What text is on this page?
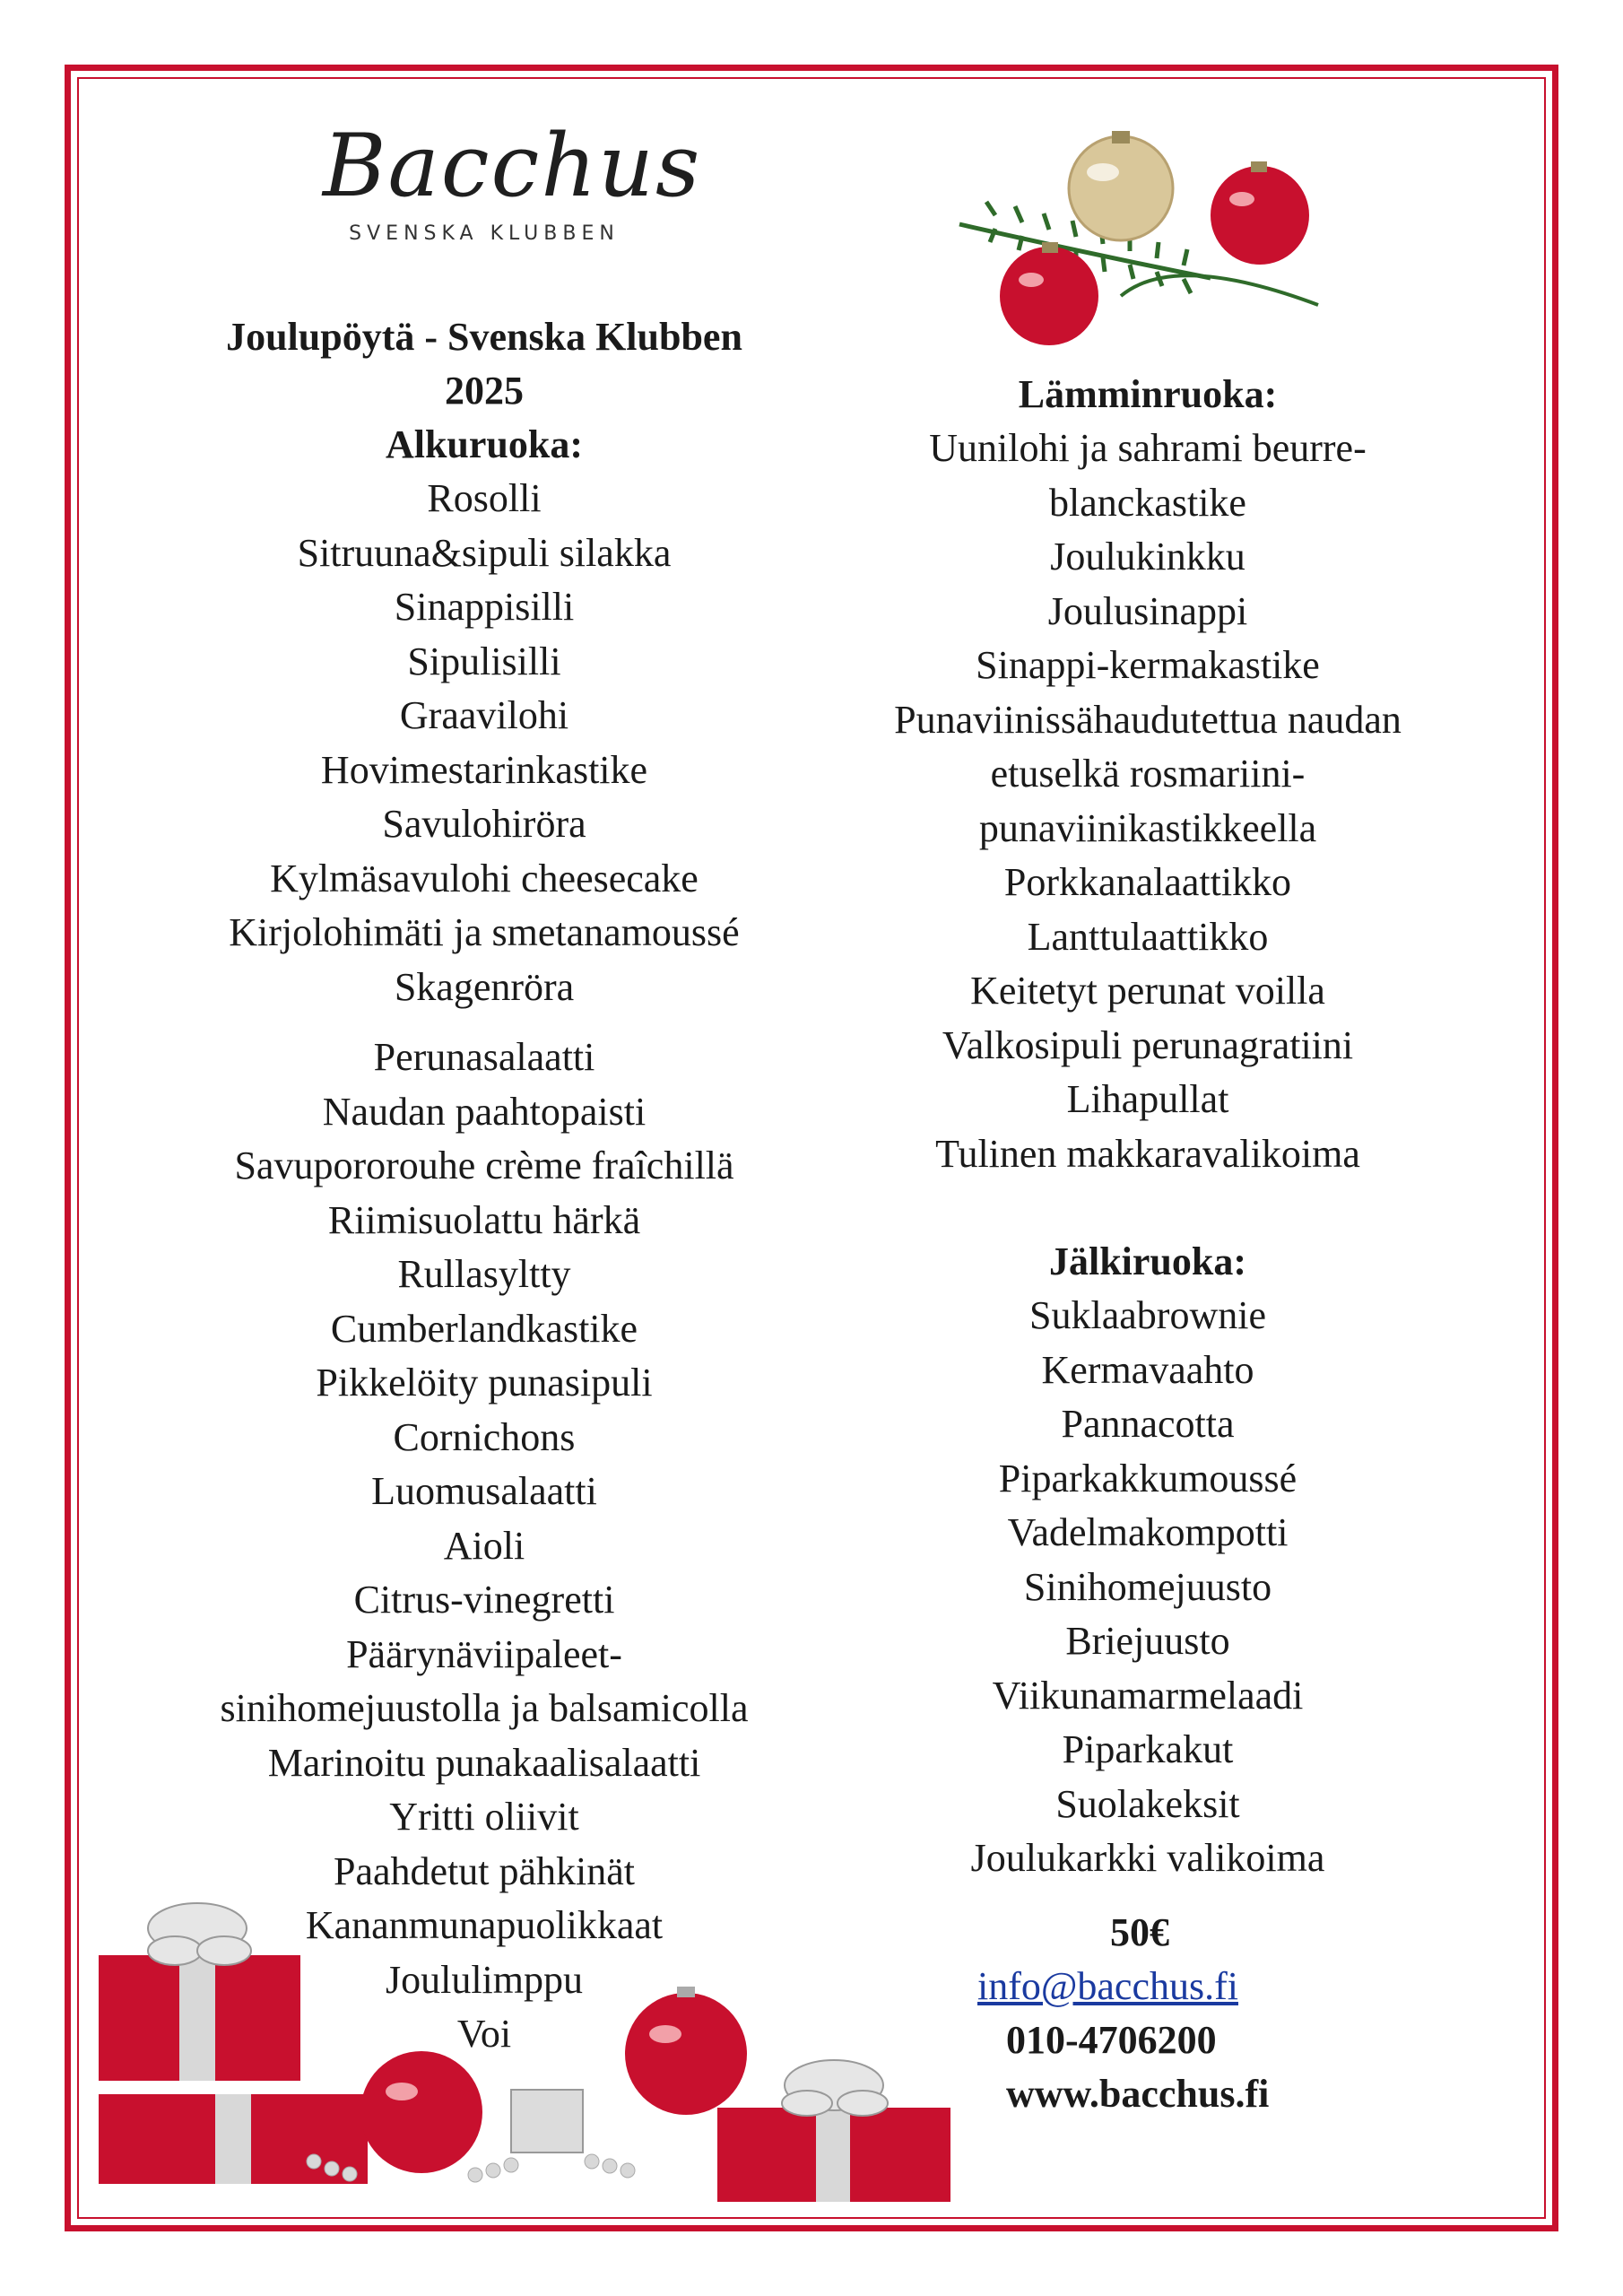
Bacchus
SVENSKA KLUBBEN
Joulupöytä - Svenska Klubben
2025
Alkuruoka:
Rosolli
Sitruuna&sipuli silakka
Sinappisilli
Sipulisilli
Graavilohi
Hovimestarinkastike
Savulohiröra
Kylmäsavulohi cheesecake
Kirjolohimäti ja smetanamoussé
Skagenröra
Perunasalaatti
Naudan paahtopaisti
Savupororouhe crème fraîchillä
Riimisuolattu härkä
Rullasyltty
Cumberlandkastike
Pikkelöity punasipuli
Cornichons
Luomusalaatti
Aioli
Citrus-vinegretti
Päärynäviipaleet-
sinihomejuustolla ja balsamicolla
Marinoitu punakaalisalaatti
Yritti oliivit
Paahdetut pähkinät
Kananmunapuolikkaat
Joululimppu
Voi
Lämminruoka:
Uunilohi ja sahrami beurre-
blanckastike
Joulukinkku
Joulusinappi
Sinappi-kermakastike
Punaviinissähaudutettua naudan
etuselkä rosmariini-
punaviinikastikkeella
Porkkanalaattikko
Lanttulaattikko
Keitetyt perunat voilla
Valkosipuli perunagratiini
Lihapullat
Tulinen makkaravalikoima
Jälkiruoka:
Suklaabrownie
Kermavaahto
Pannacotta
Piparkakkumoussé
Vadelmakompotti
Sinihomejuusto
Briejuusto
Viikunamarmelaadi
Piparkakut
Suolakeksit
Joulukarkki valikoima
50€
info@bacchus.fi
010-4706200
www.bacchus.fi
